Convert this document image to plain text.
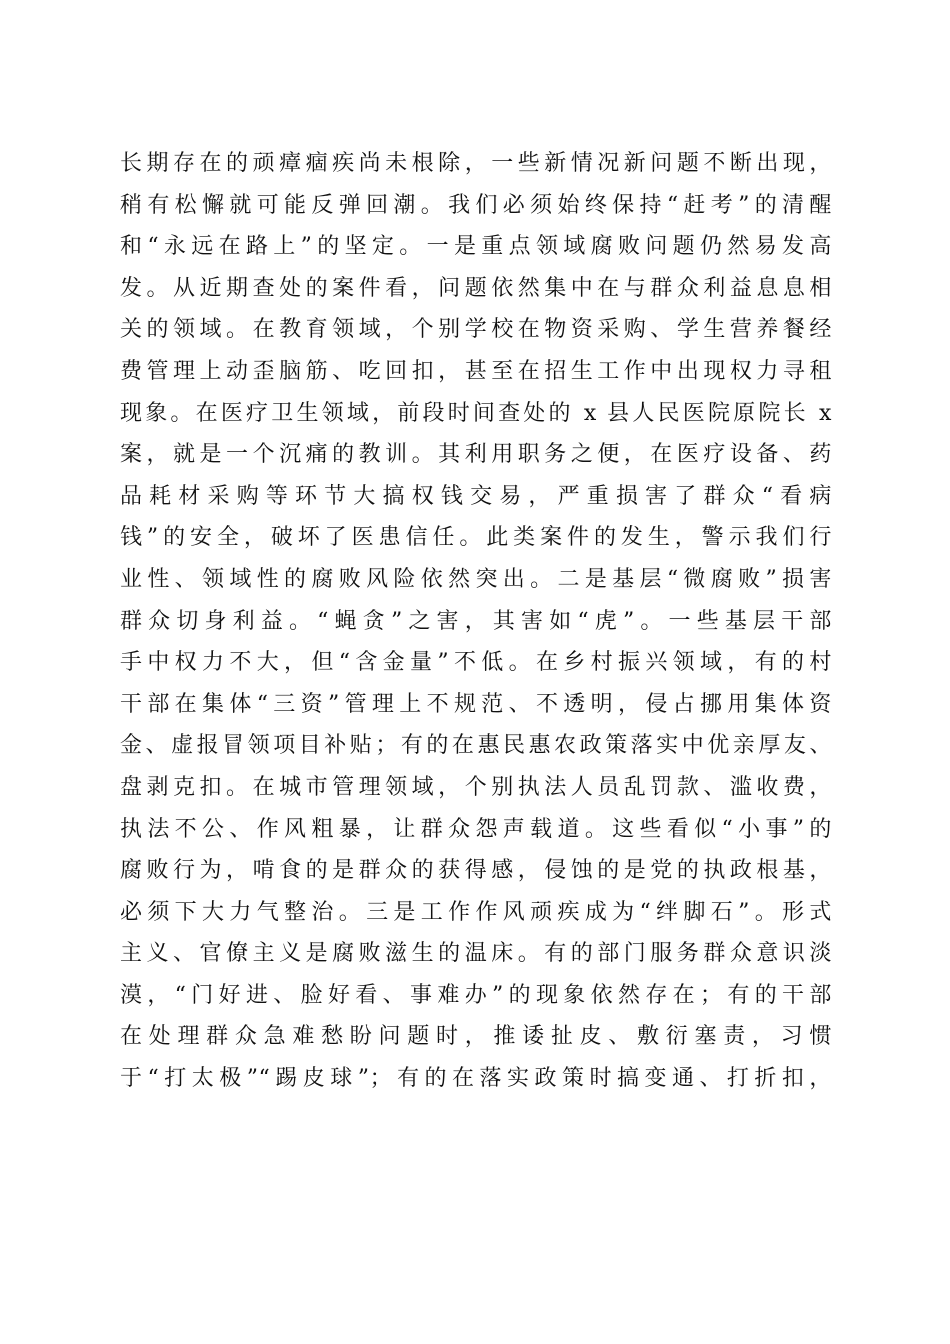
长期存在的顽瘴痼疾尚未根除，一些新情况新问题不断出现，
稍有松懈就可能反弹回潮。我们必须始终保持“赶考”的清醒
和“永远在路上”的坚定。一是重点领域腐败问题仍然易发高
发。从近期查处的案件看，问题依然集中在与群众利益息息相
关的领域。在教育领域，个别学校在物资采购、学生营养餐经
费管理上动歪脑筋、吃回扣，甚至在招生工作中出现权力寻租
现象。在医疗卫生领域，前段时间查处的 x 县人民医院原院长 x
案，就是一个沉痛的教训。其利用职务之便，在医疗设备、药
品耗材采购等环节大搞权钱交易，严重损害了群众“看病
钱”的安全，破坏了医患信任。此类案件的发生，警示我们行
业性、领域性的腐败风险依然突出。二是基层“微腐败”损害
群众切身利益。“蝇贪”之害，其害如“虎”。一些基层干部
手中权力不大，但“含金量”不低。在乡村振兴领域，有的村
干部在集体“三资”管理上不规范、不透明，侵占挪用集体资
金、虚报冒领项目补贴；有的在惠民惠农政策落实中优亲厚友、
盘剥克扣。在城市管理领域，个别执法人员乱罚款、滥收费，
执法不公、作风粗暴，让群众怨声载道。这些看似“小事”的
腐败行为，啃食的是群众的获得感，侵蚀的是党的执政根基，
必须下大力气整治。三是工作作风顽疾成为“绊脚石”。形式
主义、官僚主义是腐败滋生的温床。有的部门服务群众意识淡
漠，“门好进、脸好看、事难办”的现象依然存在；有的干部
在处理群众急难愁盼问题时，推诿扯皮、敷衍塞责，习惯
于“打太极”“踢皮球”；有的在落实政策时搞变通、打折扣，
